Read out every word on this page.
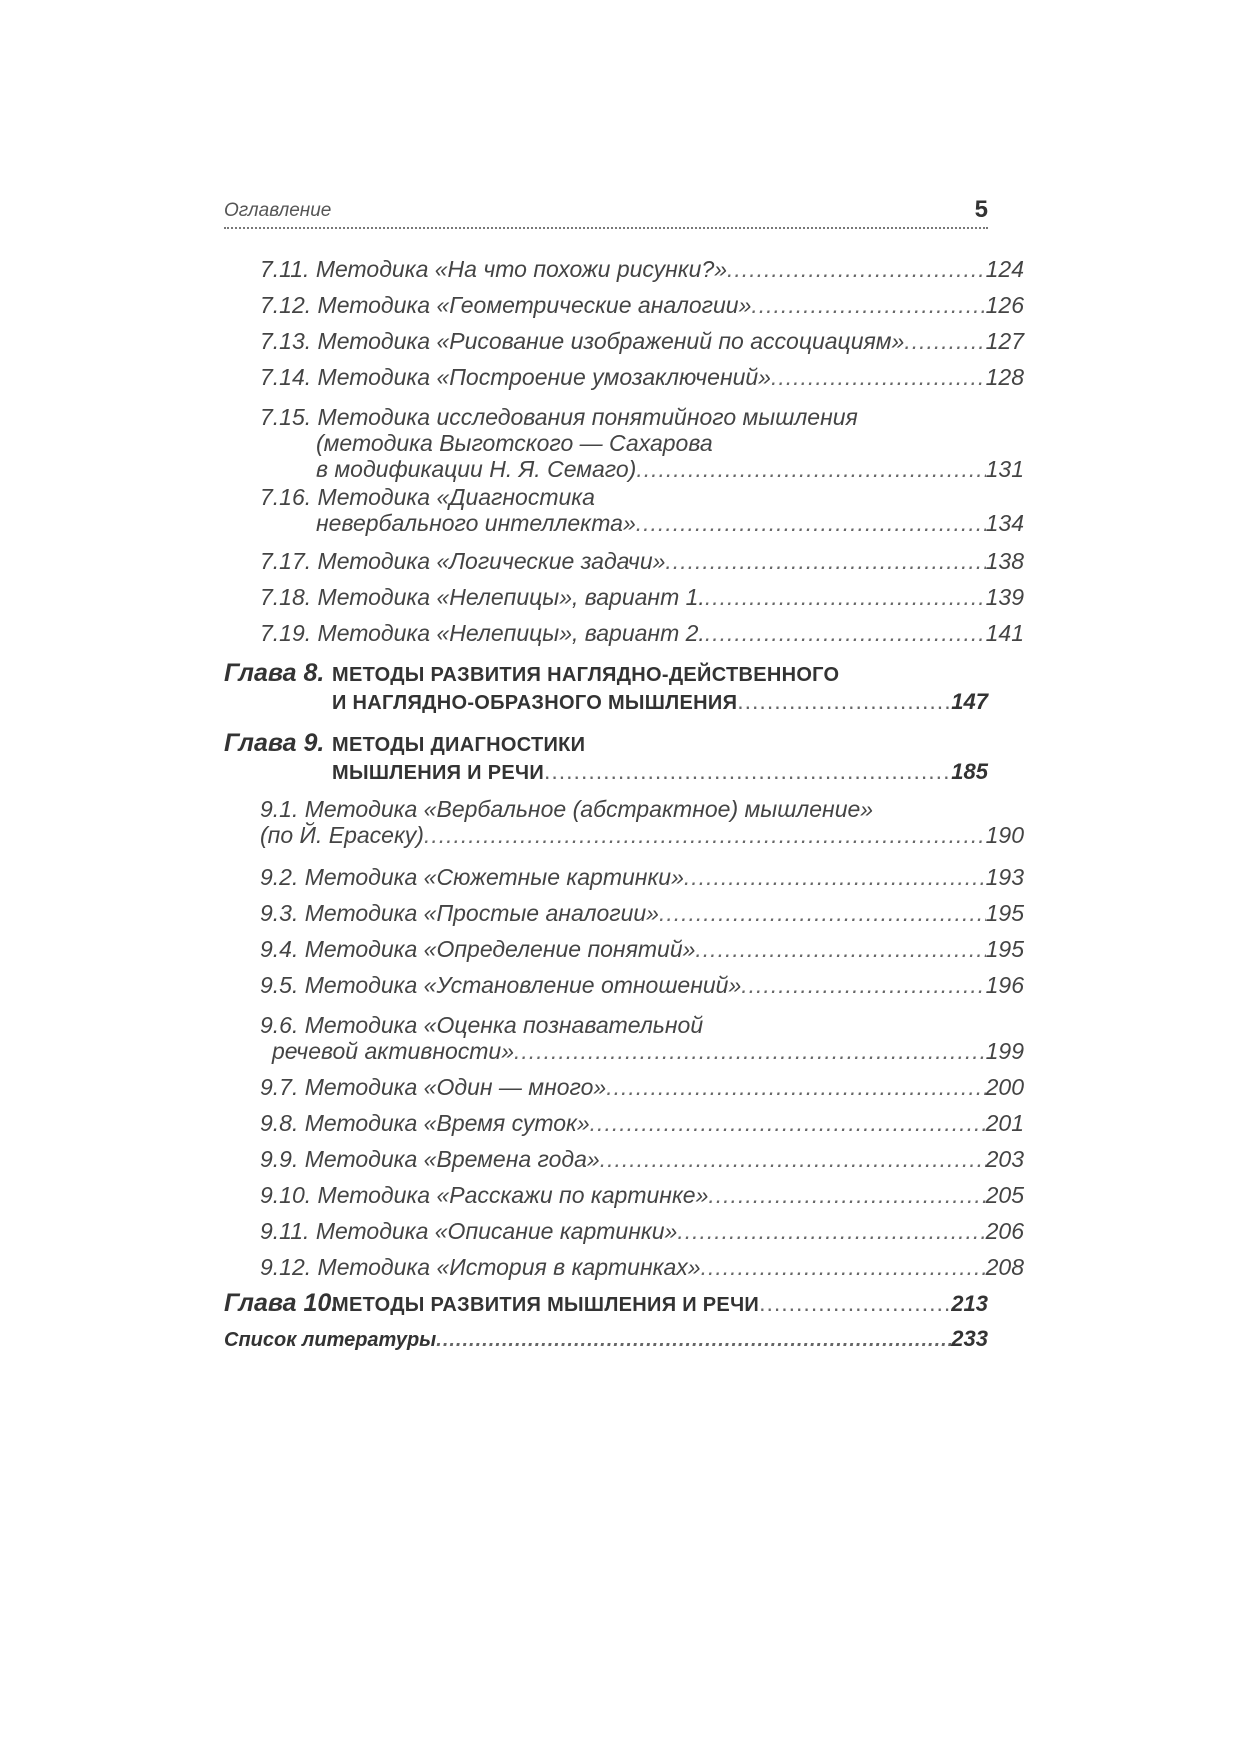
Оглавление	5
7.11. Методика «На что похожи рисунки?» .....	124
7.12. Методика «Геометрические аналогии» .....	126
7.13. Методика «Рисование изображений по ассоциациям» .....	127
7.14. Методика «Построение умозаключений» .....	128
7.15. Методика исследования понятийного мышления
(методика Выготского — Сахарова
в модификации Н. Я. Семаго) .....	131
7.16. Методика «Диагностика
невербального интеллекта» .....	134
7.17. Методика «Логические задачи» .....	138
7.18. Методика «Нелепицы», вариант 1. .....	139
7.19. Методика «Нелепицы», вариант 2. .....	141
Глава 8. МЕТОДЫ РАЗВИТИЯ НАГЛЯДНО-ДЕЙСТВЕННОГО
И НАГЛЯДНО-ОБРАЗНОГО МЫШЛЕНИЯ .....	147
Глава 9. МЕТОДЫ ДИАГНОСТИКИ
МЫШЛЕНИЯ И РЕЧИ .....	185
9.1. Методика «Вербальное (абстрактное) мышление»
(по Й. Ерасеку) .....	190
9.2. Методика «Сюжетные картинки» .....	193
9.3. Методика «Простые аналогии» .....	195
9.4. Методика «Определение понятий» .....	195
9.5. Методика «Установление отношений» .....	196
9.6. Методика «Оценка познавательной
речевой активности» .....	199
9.7. Методика «Один — много» .....	200
9.8. Методика «Время суток» .....	201
9.9. Методика «Времена года» .....	203
9.10. Методика «Расскажи по картинке» .....	205
9.11. Методика «Описание картинки» .....	206
9.12. Методика «История в картинках» .....	208
Глава 10.
МЕТОДЫ РАЗВИТИЯ МЫШЛЕНИЯ И РЕЧИ .....	213
Список литературы .....	233
